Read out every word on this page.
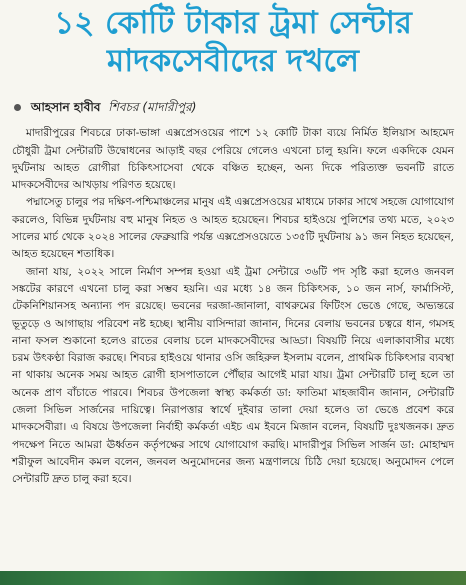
১২ কোটি টাকার ট্রমা সেন্টার
মাদকসেবীদের দখলে
আহসান হাবীব শিবচর (মাদারীপুর)

মাদারীপুরের শিবচরে ঢাকা-ভাঙ্গা এক্সপ্রেসওয়ের পাশে ১২ কোটি টাকা ব্যয়ে নির্মিত ইলিয়াস আহমেদ চৌধুরী ট্রমা সেন্টারটি উদ্বোধনের আড়াই বছর পেরিয়ে গেলেও এখনো চালু হয়নি। ফলে একদিকে যেমন দুর্ঘটনায় আহত রোগীরা চিকিৎসাসেবা থেকে বঞ্চিত হচ্ছেন, অন্য দিকে পরিত্যক্ত ভবনটি রাতে মাদকসেবীদের আখড়ায় পরিণত হয়েছে।

পদ্মাসেতু চালুর পর দক্ষিণ-পশ্চিমাঞ্চলের মানুষ এই এক্সপ্রেসওয়ের মাধ্যমে ঢাকার সাথে সহজে যোগাযোগ করলেও, বিভিন্ন দুর্ঘটনায় বহু মানুষ নিহত ও আহত হয়েছেন। শিবচর হাইওয়ে পুলিশের তথ্য মতে, ২০২৩ সালের মার্চ থেকে ২০২৪ সালের ফেব্রুয়ারি পর্যন্ত এক্সপ্রেসওয়েতে ১৩৫টি দুর্ঘটনায় ৯১ জন নিহত হয়েছেন, আহত হয়েছেন শতাধিক।

জানা যায়, ২০২২ সালে নির্মাণ সম্পন্ন হওয়া এই ট্রমা সেন্টারে ৩৬টি পদ সৃষ্টি করা হলেও জনবল সঙ্কটের কারণে এখনো চালু করা সম্ভব হয়নি। এর মধ্যে ১৪ জন চিকিৎসক, ১০ জন নার্স, ফার্মাসিস্ট, টেকনিশিয়ানসহ অন্যান্য পদ রয়েছে। ভবনের দরজা-জানালা, বাথরুমের ফিটিংস ভেঙে গেছে, অভ্যন্তরে ভূতুড়ে ও আগাছায় পরিবেশ নষ্ট হচ্ছে। স্থানীয় বাসিন্দারা জানান, দিনের বেলায় ভবনের চত্বরে ধান, গমসহ নানা ফসল শুকানো হলেও রাতের বেলায় চলে মাদকসেবীদের আড্ডা। বিষয়টি নিয়ে এলাকাবাসীর মধ্যে চরম উৎকণ্ঠা বিরাজ করছে। শিবচর হাইওয়ে থানার ওসি জহিরুল ইসলাম বলেন, প্রাথমিক চিকিৎসার ব্যবস্থা না থাকায় অনেক সময় আহত রোগী হাসপাতালে পৌঁছার আগেই মারা যায়। ট্রমা সেন্টারটি চালু হলে তা অনেক প্রাণ বাঁচাতে পারবে। শিবচর উপজেলা স্বাস্থ্য কর্মকর্তা ডা: ফাতিমা মাহজাবীন জানান, সেন্টারটি জেলা সিভিল সার্জনের দায়িত্বে। নিরাপত্তার স্বার্থে দুইবার তালা দেয়া হলেও তা ভেঙে প্রবেশ করে মাদকসেবীরা। এ বিষয়ে উপজেলা নির্বাহী কর্মকর্তা এইচ এম ইবনে মিজান বলেন, বিষয়টি দুঃখজনক। দ্রুত পদক্ষেপ নিতে আমরা ঊর্ধ্বতন কর্তৃপক্ষের সাথে যোগাযোগ করছি। মাদারীপুর সিভিল সার্জন ডা: মোহাম্মদ শরীফুল আবেদীন কমল বলেন, জনবল অনুমোদনের জন্য মন্ত্রণালয়ে চিঠি দেয়া হয়েছে। অনুমোদন পেলে সেন্টারটি দ্রুত চালু করা হবে।
